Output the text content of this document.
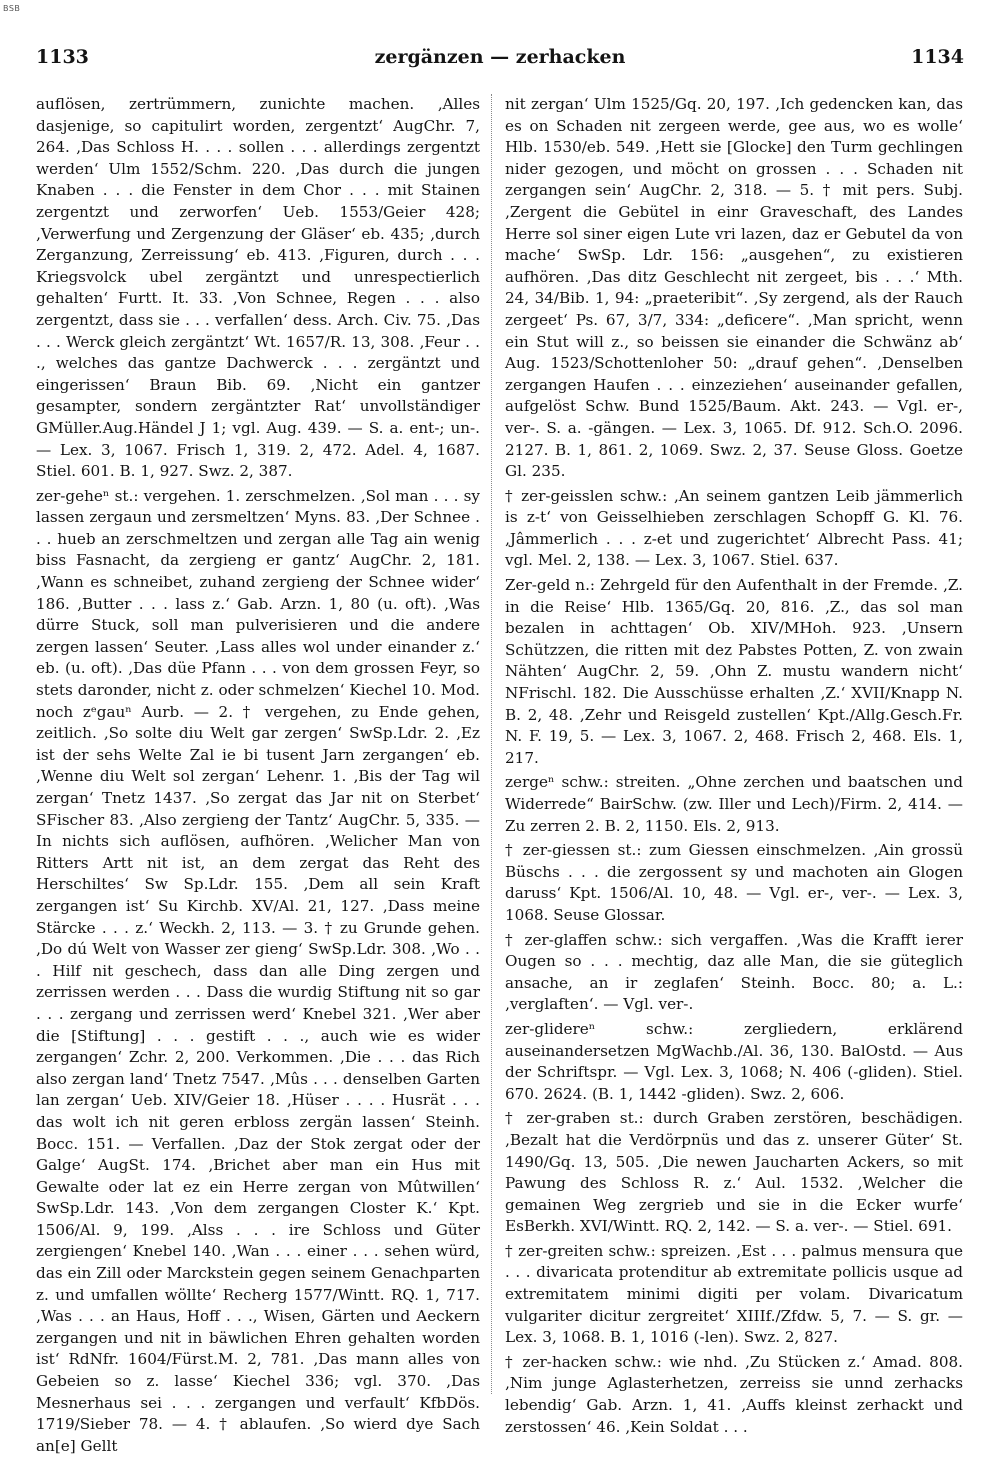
BSB
1133	zergänzen — zerhacken	1134

auflösen, zertrümmern, zunichte machen. ‚Alles dasjenige, so capitulirt worden, zergentzt‘ AugChr. 7, 264. ‚Das Schloss H. . . . sollen . . . allerdings zergentzt werden‘ Ulm 1552/Schm. 220. ‚Das durch die jungen Knaben . . . die Fenster in dem Chor . . . mit Stainen zergentzt und zerworfen‘ Ueb. 1553/Geier 428; ‚Verwerfung und Zergenzung der Gläser‘ eb. 435; ‚durch Zerganzung, Zerreissung‘ eb. 413. ‚Figuren, durch . . . Kriegsvolck ubel zergäntzt und unrespectierlich gehalten‘ Furtt. It. 33. ‚Von Schnee, Regen . . . also zergentzt, dass sie . . . verfallen‘ dess. Arch. Civ. 75. ‚Das . . . Werck gleich zergäntzt‘ Wt. 1657/R. 13, 308. ‚Feur . . ., welches das gantze Dachwerck . . . zergäntzt und eingerissen‘ Braun Bib. 69. ‚Nicht ein gantzer gesampter, sondern zergäntzter Rat‘ unvollständiger GMüller.Aug.Händel J 1; vgl. Aug. 439. — S. a. ent-; un-. — Lex. 3, 1067. Frisch 1, 319. 2, 472. Adel. 4, 1687. Stiel. 601. B. 1, 927. Swz. 2, 387.

zer-geheⁿ st.: vergehen. 1. zerschmelzen. ‚Sol man . . . sy lassen zergaun und zersmeltzen‘ Myns. 83. ‚Der Schnee . . . hueb an zerschmeltzen und zergan alle Tag ain wenig biss Fasnacht, da zergieng er gantz‘ AugChr. 2, 181. ‚Wann es schneibet, zuhand zergieng der Schnee wider‘ 186. ‚Butter . . . lass z.‘ Gab. Arzn. 1, 80 (u. oft). ‚Was dürre Stuck, soll man pulverisieren und die andere zergen lassen‘ Seuter. ‚Lass alles wol under einander z.‘ eb. (u. oft). ‚Das düe Pfann . . . von dem grossen Feyr, so stets daronder, nicht z. oder schmelzen‘ Kiechel 10. Mod. noch zᵉgauⁿ Aurb. — 2. † vergehen, zu Ende gehen, zeitlich. ‚So solte diu Welt gar zergen‘ SwSp.Ldr. 2. ‚Ez ist der sehs Welte Zal ie bi tusent Jarn zergangen‘ eb. ‚Wenne diu Welt sol zergan‘ Lehenr. 1. ‚Bis der Tag wil zergan‘ Tnetz 1437. ‚So zergat das Jar nit on Sterbet‘ SFischer 83. ‚Also zergieng der Tantz‘ AugChr. 5, 335. — In nichts sich auflösen, aufhören. ‚Welicher Man von Ritters Artt nit ist, an dem zergat das Reht des Herschiltes‘ Sw Sp.Ldr. 155. ‚Dem all sein Kraft zergangen ist‘ Su Kirchb. XV/Al. 21, 127. ‚Dass meine Stärcke . . . z.‘ Weckh. 2, 113. — 3. † zu Grunde gehen. ‚Do dú Welt von Wasser zer gieng‘ SwSp.Ldr. 308. ‚Wo . . . Hilf nit geschech, dass dan alle Ding zergen und zerrissen werden . . . Dass die wurdig Stiftung nit so gar . . . zergang und zerrissen werd‘ Knebel 321. ‚Wer aber die [Stiftung] . . . gestift . . ., auch wie es wider zergangen‘ Zchr. 2, 200. Verkommen. ‚Die . . . das Rich also zergan land‘ Tnetz 7547. ‚Mûs . . . denselben Garten lan zergan‘ Ueb. XIV/Geier 18. ‚Hüser . . . . Husrät . . . das wolt ich nit geren erbloss zergän lassen‘ Steinh. Bocc. 151. — Verfallen. ‚Daz der Stok zergat oder der Galge‘ AugSt. 174. ‚Brichet aber man ein Hus mit Gewalte oder lat ez ein Herre zergan von Mûtwillen‘ SwSp.Ldr. 143. ‚Von dem zergangen Closter K.‘ Kpt. 1506/Al. 9, 199. ‚Alss . . . ire Schloss und Güter zergiengen‘ Knebel 140. ‚Wan . . . einer . . . sehen würd, das ein Zill oder Marckstein gegen seinem Genachparten z. und umfallen wöllte‘ Recherg 1577/Wintt. RQ. 1, 717. ‚Was . . . an Haus, Hoff . . ., Wisen, Gärten und Aeckern zergangen und nit in bäwlichen Ehren gehalten worden ist‘ RdNfr. 1604/Fürst.M. 2, 781. ‚Das mann alles von Gebeien so z. lasse‘ Kiechel 336; vgl. 370. ‚Das Mesnerhaus sei . . . zergangen und verfault‘ KfbDös. 1719/Sieber 78. — 4. † ablaufen. ‚So wierd dye Sach an[e] Gellt

nit zergan‘ Ulm 1525/Gq. 20, 197. ‚Ich gedencken kan, das es on Schaden nit zergeen werde, gee aus, wo es wolle‘ Hlb. 1530/eb. 549. ‚Hett sie [Glocke] den Turm gechlingen nider gezogen, und möcht on grossen . . . Schaden nit zergangen sein‘ AugChr. 2, 318. — 5. † mit pers. Subj. ‚Zergent die Gebütel in einr Graveschaft, des Landes Herre sol siner eigen Lute vri lazen, daz er Gebutel da von mache‘ SwSp. Ldr. 156: „ausgehen“, zu existieren aufhören. ‚Das ditz Geschlecht nit zergeet, bis . . .‘ Mth. 24, 34/Bib. 1, 94: „praeteribit“. ‚Sy zergend, als der Rauch zergeet‘ Ps. 67, 3/7, 334: „deficere“. ‚Man spricht, wenn ein Stut will z., so beissen sie einander die Schwänz ab‘ Aug. 1523/Schottenloher 50: „drauf gehen“. ‚Denselben zergangen Haufen . . . einzeziehen‘ auseinander gefallen, aufgelöst Schw. Bund 1525/Baum. Akt. 243. — Vgl. er-, ver-. S. a. -gängen. — Lex. 3, 1065. Df. 912. Sch.O. 2096. 2127. B. 1, 861. 2, 1069. Swz. 2, 37. Seuse Gloss. Goetze Gl. 235.

† zer-geisslen schw.: ‚An seinem gantzen Leib jämmerlich is z-t‘ von Geisselhieben zerschlagen Schopff G. Kl. 76. ‚Jâmmerlich . . . z-et und zugerichtet‘ Albrecht Pass. 41; vgl. Mel. 2, 138. — Lex. 3, 1067. Stiel. 637.

Zer-geld n.: Zehrgeld für den Aufenthalt in der Fremde. ‚Z. in die Reise‘ Hlb. 1365/Gq. 20, 816. ‚Z., das sol man bezalen in achttagen‘ Ob. XIV/MHoh. 923. ‚Unsern Schützzen, die ritten mit dez Pabstes Potten, Z. von zwain Nähten‘ AugChr. 2, 59. ‚Ohn Z. mustu wandern nicht‘ NFrischl. 182. Die Ausschüsse erhalten ‚Z.‘ XVII/Knapp N. B. 2, 48. ‚Zehr und Reisgeld zustellen‘ Kpt./Allg.Gesch.Fr. N. F. 19, 5. — Lex. 3, 1067. 2, 468. Frisch 2, 468. Els. 1, 217.

zergeⁿ schw.: streiten. „Ohne zerchen und baatschen und Widerrede“ BairSchw. (zw. Iller und Lech)/Firm. 2, 414. — Zu zerren 2. B. 2, 1150. Els. 2, 913.

† zer-giessen st.: zum Giessen einschmelzen. ‚Ain grossü Büschs . . . die zergossent sy und machoten ain Glogen daruss‘ Kpt. 1506/Al. 10, 48. — Vgl. er-, ver-. — Lex. 3, 1068. Seuse Glossar.

† zer-glaffen schw.: sich vergaffen. ‚Was die Krafft ierer Ougen so . . . mechtig, daz alle Man, die sie güteglich ansache, an ir zeglafen‘ Steinh. Bocc. 80; a. L.: ‚verglaften‘. — Vgl. ver-.

zer-glidereⁿ schw.: zergliedern, erklärend auseinandersetzen MgWachb./Al. 36, 130. BalOstd. — Aus der Schriftspr. — Vgl. Lex. 3, 1068; N. 406 (-gliden). Stiel. 670. 2624. (B. 1, 1442 -gliden). Swz. 2, 606.

† zer-graben st.: durch Graben zerstören, beschädigen. ‚Bezalt hat die Verdörpnüs und das z. unserer Güter‘ St. 1490/Gq. 13, 505. ‚Die newen Jaucharten Ackers, so mit Pawung des Schloss R. z.‘ Aul. 1532. ‚Welcher die gemainen Weg zergrieb und sie in die Ecker wurfe‘ EsBerkh. XVI/Wintt. RQ. 2, 142. — S. a. ver-. — Stiel. 691.

† zer-greiten schw.: spreizen. ‚Est . . . palmus mensura que . . . divaricata protenditur ab extremitate pollicis usque ad extremitatem minimi digiti per volam. Divaricatum vulgariter dicitur zergreitet‘ XIIIf./Zfdw. 5, 7. — S. gr. — Lex. 3, 1068. B. 1, 1016 (-len). Swz. 2, 827.

† zer-hacken schw.: wie nhd. ‚Zu Stücken z.‘ Amad. 808. ‚Nim junge Aglasterhetzen, zerreiss sie unnd zerhacks lebendig‘ Gab. Arzn. 1, 41. ‚Auffs kleinst zerhackt und zerstossen‘ 46. ‚Kein Soldat . . .
